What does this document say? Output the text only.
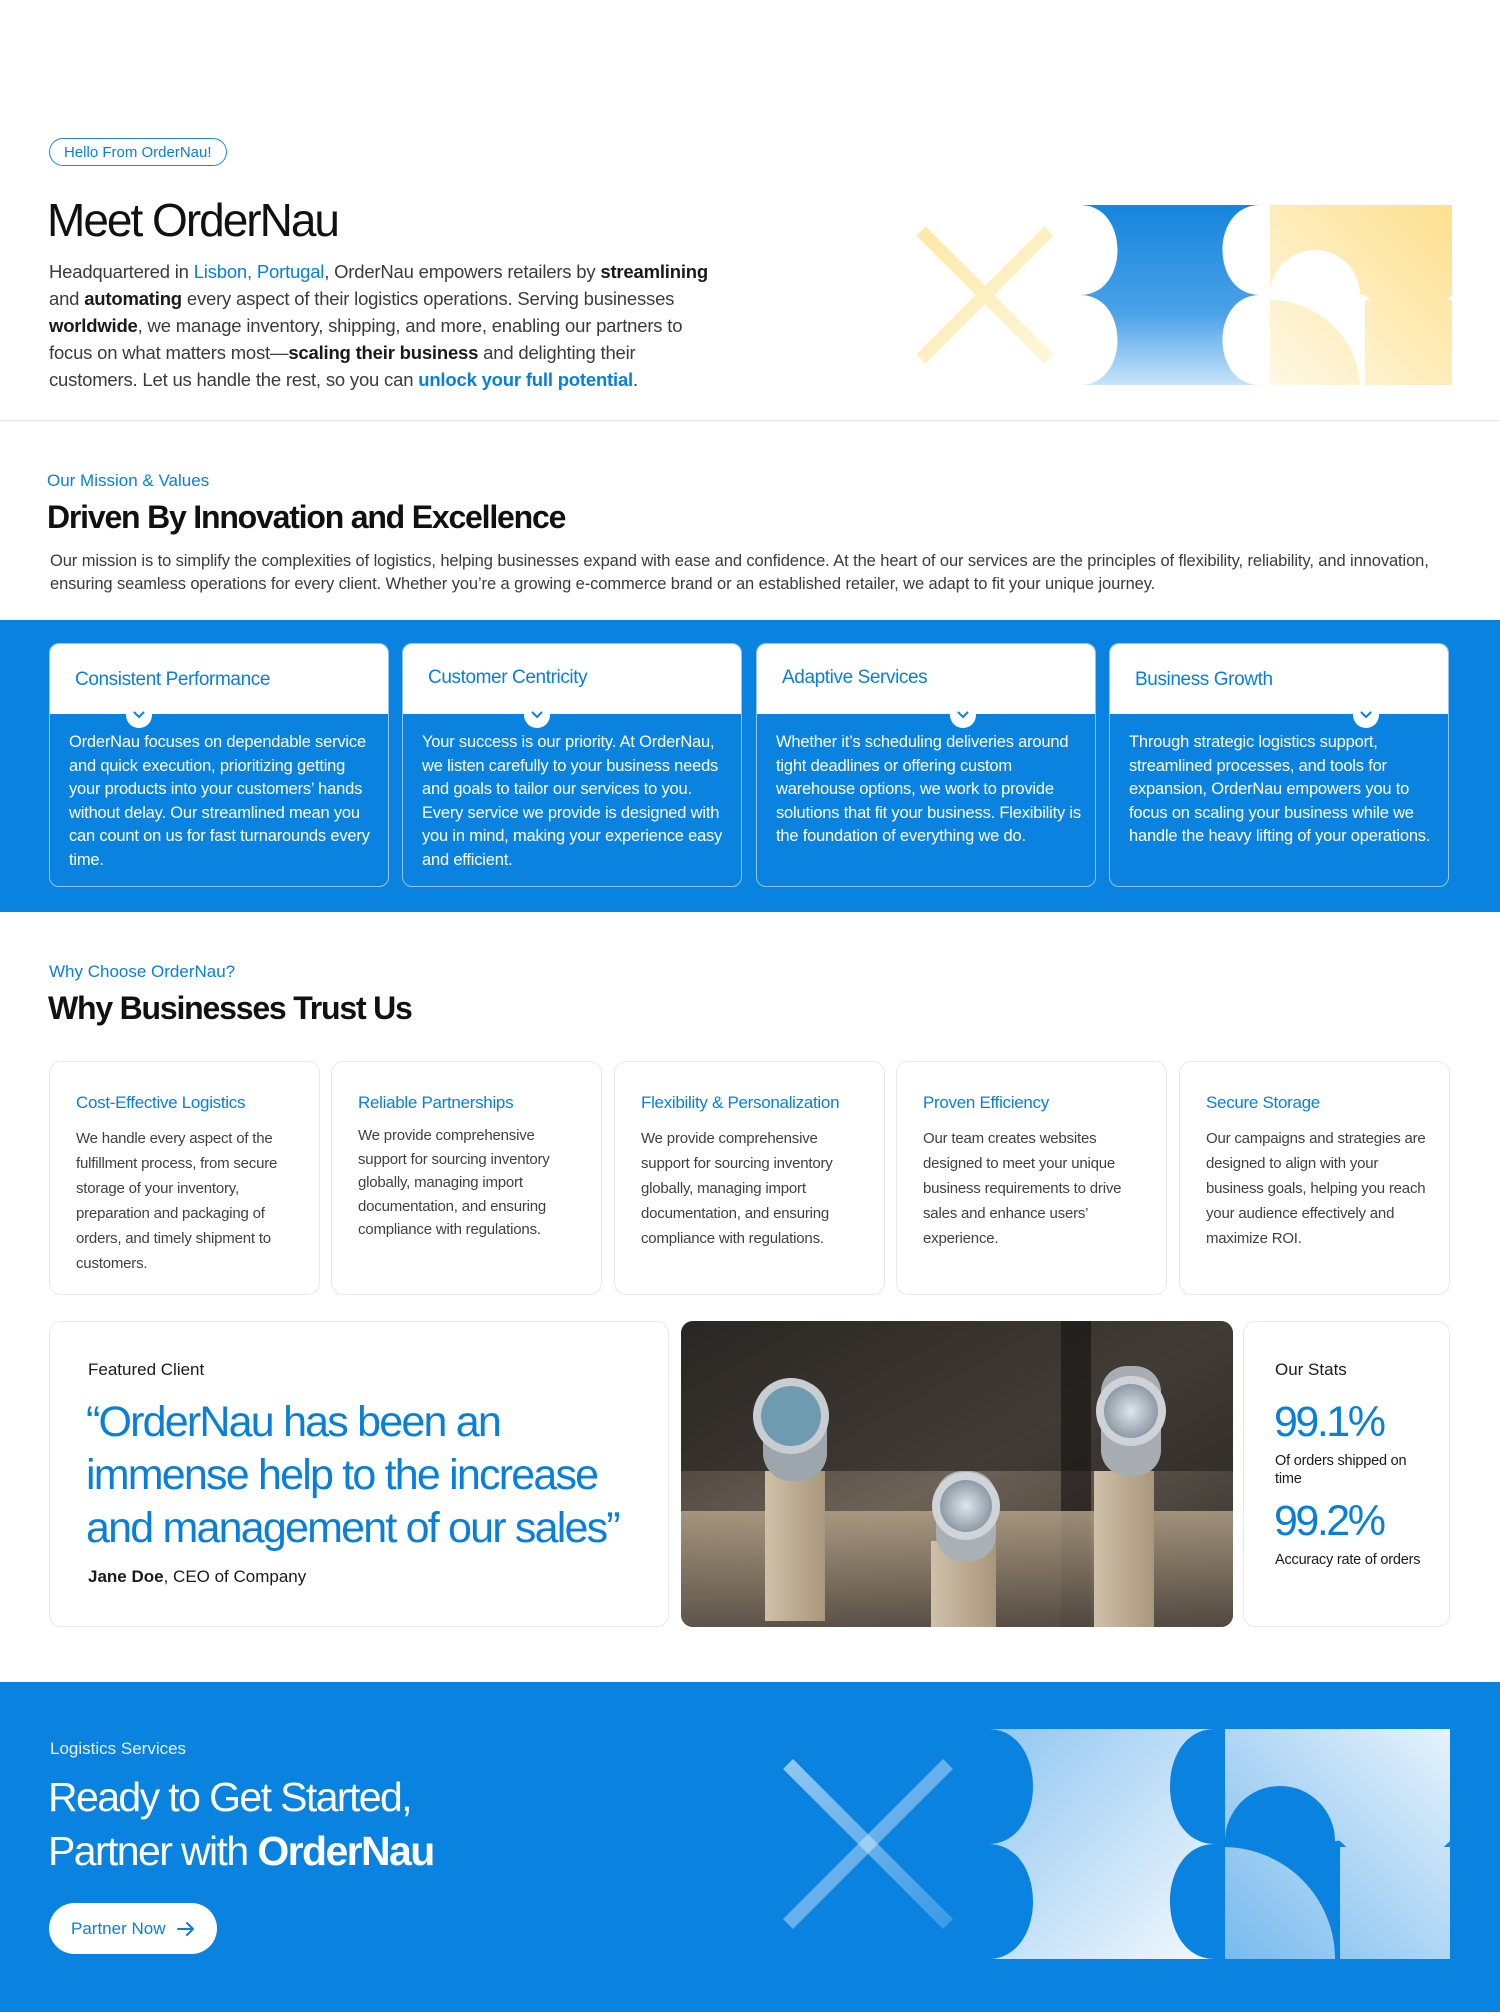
Hello From OrderNau!
Meet OrderNau

Headquartered in Lisbon, Portugal, OrderNau empowers retailers by streamlining and automating every aspect of their logistics operations. Serving businesses worldwide, we manage inventory, shipping, and more, enabling our partners to focus on what matters most—scaling their business and delighting their customers. Let us handle the rest, so you can unlock your full potential.

Our Mission & Values
Driven By Innovation and Excellence

Our mission is to simplify the complexities of logistics, helping businesses expand with ease and confidence. At the heart of our services are the principles of flexibility, reliability, and innovation, ensuring seamless operations for every client. Whether you’re a growing e-commerce brand or an established retailer, we adapt to fit your unique journey.

Consistent Performance
OrderNau focuses on dependable service and quick execution, prioritizing getting your products into your customers’ hands without delay. Our streamlined mean you can count on us for fast turnarounds every time.
Customer Centricity
Your success is our priority. At OrderNau, we listen carefully to your business needs and goals to tailor our services to you. Every service we provide is designed with you in mind, making your experience easy and efficient.
Adaptive Services
Whether it’s scheduling deliveries around tight deadlines or offering custom warehouse options, we work to provide solutions that fit your business. Flexibility is the foundation of everything we do.
Business Growth
Through strategic logistics support, streamlined processes, and tools for expansion, OrderNau empowers you to focus on scaling your business while we handle the heavy lifting of your operations.
Why Choose OrderNau?
Why Businesses Trust Us
Cost-Effective Logistics
We handle every aspect of the fulfillment process, from secure storage of your inventory, preparation and packaging of orders, and timely shipment to customers.
Reliable Partnerships
We provide comprehensive support for sourcing inventory globally, managing import documentation, and ensuring compliance with regulations.
Flexibility & Personalization
We provide comprehensive support for sourcing inventory globally, managing import documentation, and ensuring compliance with regulations.
Proven Efficiency
Our team creates websites designed to meet your unique business requirements to drive sales and enhance users’ experience.
Secure Storage
Our campaigns and strategies are designed to align with your business goals, helping you reach your audience effectively and maximize ROI.
Featured Client
“OrderNau has been an immense help to the increase and management of our sales”
Jane Doe, CEO of Company
Our Stats
99.1%
Of orders shipped on time
99.2%
Accuracy rate of orders
Logistics Services
Ready to Get Started,
Partner with OrderNau
Partner Now
